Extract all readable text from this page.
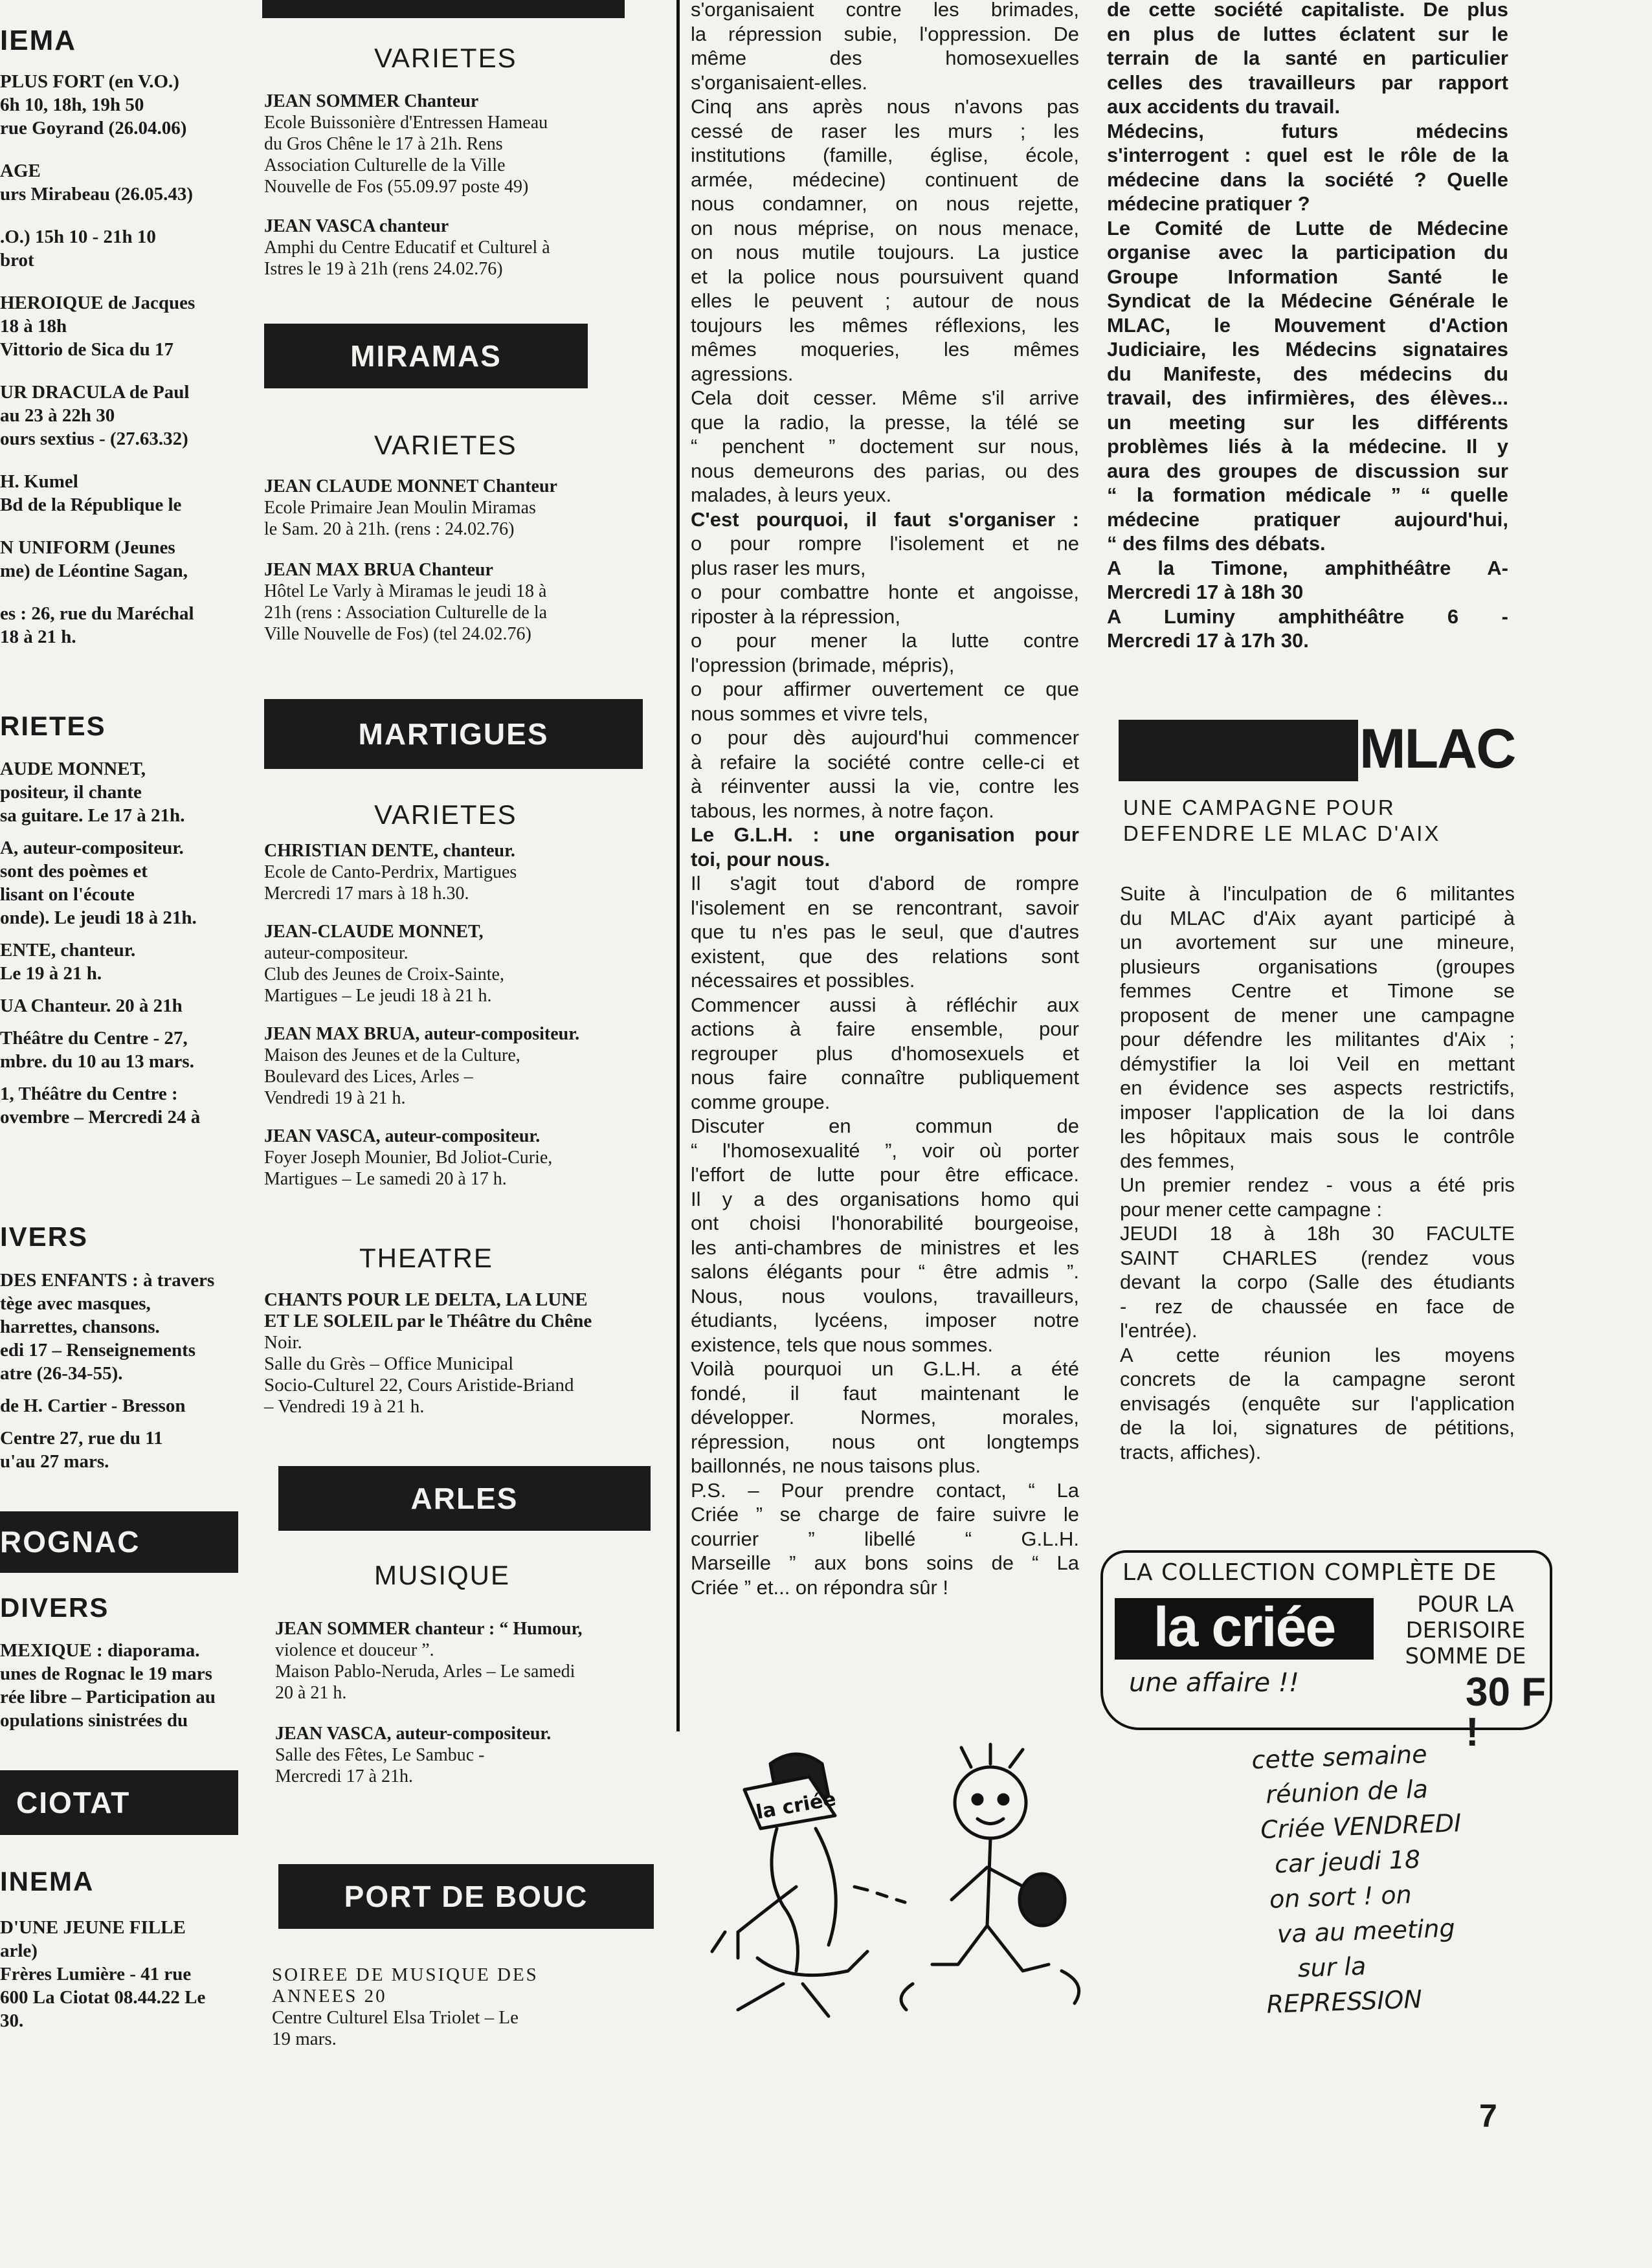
IEMA
PLUS FORT (en V.O.)
6h 10, 18h, 19h 50
rue Goyrand (26.04.06)
AGE
urs Mirabeau (26.05.43)
.O.) 15h 10 - 21h 10
brot
HEROIQUE de Jacques
18 à 18h
Vittorio de Sica du 17
UR DRACULA de Paul
au 23 à 22h 30
ours sextius - (27.63.32)
H. Kumel
Bd de la République le
N UNIFORM (Jeunes
me) de Léontine Sagan,
es : 26, rue du Maréchal
18 à 21 h.
RIETES
AUDE MONNET,
positeur, il chante
sa guitare. Le 17 à 21h.
A, auteur-compositeur.
sont des poèmes et
lisant on l'écoute
onde). Le jeudi 18 à 21h.
ENTE, chanteur.
Le 19 à 21 h.
UA Chanteur. 20 à 21h
Théâtre du Centre - 27,
mbre. du 10 au 13 mars.
1, Théâtre du Centre :
ovembre – Mercredi 24 à
IVERS
DES ENFANTS : à travers
tège avec masques,
harrettes, chansons.
edi 17 – Renseignements
atre (26-34-55).
de H. Cartier - Bresson
Centre 27, rue du 11
u'au 27 mars.
ROGNAC
DIVERS
MEXIQUE : diaporama.
unes de Rognac le 19 mars
rée libre – Participation au
opulations sinistrées du
CIOTAT
INEMA
D'UNE JEUNE FILLE
arle)
Frères Lumière - 41 rue
600 La Ciotat 08.44.22 Le
30.
VARIETES
JEAN SOMMER Chanteur
Ecole Buissonière d'Entressen Hameau
du Gros Chêne le 17 à 21h. Rens
Association Culturelle de la Ville
Nouvelle de Fos (55.09.97 poste 49)
JEAN VASCA chanteur
Amphi du Centre Educatif et Culturel à
Istres le 19 à 21h (rens 24.02.76)
MIRAMAS
VARIETES
JEAN CLAUDE MONNET Chanteur
Ecole Primaire Jean Moulin Miramas
le Sam. 20 à 21h. (rens : 24.02.76)
JEAN MAX BRUA Chanteur
Hôtel Le Varly à Miramas le jeudi 18 à
21h (rens : Association Culturelle de la
Ville Nouvelle de Fos) (tel 24.02.76)
MARTIGUES
VARIETES
CHRISTIAN DENTE, chanteur.
Ecole de Canto-Perdrix, Martigues
Mercredi 17 mars à 18 h.30.
JEAN-CLAUDE MONNET,
auteur-compositeur.
Club des Jeunes de Croix-Sainte,
Martigues – Le jeudi 18 à 21 h.
JEAN MAX BRUA, auteur-compositeur.
Maison des Jeunes et de la Culture,
Boulevard des Lices, Arles –
Vendredi 19 à 21 h.
JEAN VASCA, auteur-compositeur.
Foyer Joseph Mounier, Bd Joliot-Curie,
Martigues – Le samedi 20 à 17 h.
THEATRE
CHANTS POUR LE DELTA, LA LUNE
ET LE SOLEIL par le Théâtre du Chêne
Noir.
Salle du Grès – Office Municipal
Socio-Culturel 22, Cours Aristide-Briand
– Vendredi 19 à 21 h.
ARLES
MUSIQUE
JEAN SOMMER chanteur : “ Humour,
violence et douceur ”.
Maison Pablo-Neruda, Arles – Le samedi
20 à 21 h.
JEAN VASCA, auteur-compositeur.
Salle des Fêtes, Le Sambuc -
Mercredi 17 à 21h.
PORT DE BOUC
SOIREE DE MUSIQUE DES
ANNEES 20
Centre Culturel Elsa Triolet – Le
19 mars.
s'organisaient contre les brimades,
la répression subie, l'oppression. De
même des homosexuelles
s'organisaient-elles.
Cinq ans après nous n'avons pas
cessé de raser les murs ; les
institutions (famille, église, école,
armée, médecine) continuent de
nous condamner, on nous rejette,
on nous méprise, on nous menace,
on nous mutile toujours. La justice
et la police nous poursuivent quand
elles le peuvent ; autour de nous
toujours les mêmes réflexions, les
mêmes moqueries, les mêmes
agressions.
Cela doit cesser. Même s'il arrive
que la radio, la presse, la télé se
“ penchent ” doctement sur nous,
nous demeurons des parias, ou des
malades, à leurs yeux.
C'est pourquoi, il faut s'organiser :
o pour rompre l'isolement et ne
plus raser les murs,
o pour combattre honte et angoisse,
riposter à la répression,
o pour mener la lutte contre
l'opression (brimade, mépris),
o pour affirmer ouvertement ce que
nous sommes et vivre tels,
o pour dès aujourd'hui commencer
à refaire la société contre celle-ci et
à réinventer aussi la vie, contre les
tabous, les normes, à notre façon.
Le G.L.H. : une organisation pour
toi, pour nous.
Il s'agit tout d'abord de rompre
l'isolement en se rencontrant, savoir
que tu n'es pas le seul, que d'autres
existent, que des relations sont
nécessaires et possibles.
Commencer aussi à réfléchir aux
actions à faire ensemble, pour
regrouper plus d'homosexuels et
nous faire connaître publiquement
comme groupe.
Discuter en commun de
“ l'homosexualité ”, voir où porter
l'effort de lutte pour être efficace.
Il y a des organisations homo qui
ont choisi l'honorabilité bourgeoise,
les anti-chambres de ministres et les
salons élégants pour “ être admis ”.
Nous, nous voulons, travailleurs,
étudiants, lycéens, imposer notre
existence, tels que nous sommes.
Voilà pourquoi un G.L.H. a été
fondé, il faut maintenant le
développer. Normes, morales,
répression, nous ont longtemps
baillonnés, ne nous taisons plus.
P.S. – Pour prendre contact, “ La
Criée ” se charge de faire suivre le
courrier ” libellé “ G.L.H.
Marseille ” aux bons soins de “ La
Criée ” et... on répondra sûr !
de cette société capitaliste. De plus
en plus de luttes éclatent sur le
terrain de la santé en particulier
celles des travailleurs par rapport
aux accidents du travail.
Médecins, futurs médecins
s'interrogent : quel est le rôle de la
médecine dans la société ? Quelle
médecine pratiquer ?
Le Comité de Lutte de Médecine
organise avec la participation du
Groupe Information Santé le
Syndicat de la Médecine Générale le
MLAC, le Mouvement d'Action
Judiciaire, les Médecins signataires
du Manifeste, des médecins du
travail, des infirmières, des élèves...
un meeting sur les différents
problèmes liés à la médecine. Il y
aura des groupes de discussion sur
“ la formation médicale ” “ quelle
médecine pratiquer aujourd'hui,
“ des films des débats.
A la Timone, amphithéâtre A-
Mercredi 17 à 18h 30
A Luminy amphithéâtre 6 -
Mercredi 17 à 17h 30.
MLAC
UNE CAMPAGNE POUR
DEFENDRE LE MLAC D'AIX
Suite à l'inculpation de 6 militantes
du MLAC d'Aix ayant participé à
un avortement sur une mineure,
plusieurs organisations (groupes
femmes Centre et Timone se
proposent de mener une campagne
pour défendre les militantes d'Aix ;
démystifier la loi Veil en mettant
en évidence ses aspects restrictifs,
imposer l'application de la loi dans
les hôpitaux mais sous le contrôle
des femmes,
Un premier rendez - vous a été pris
pour mener cette campagne :
JEUDI 18 à 18h 30 FACULTE
SAINT CHARLES (rendez vous
devant la corpo (Salle des étudiants
- rez de chaussée en face de
l'entrée).
A cette réunion les moyens
concrets de la campagne seront
envisagés (enquête sur l'application
de la loi, signatures de pétitions,
tracts, affiches).
LA COLLECTION COMPLÈTE DE
la criée	POUR LA
DERISOIRE
SOMME DE
30 F !
une affaire !!
cette semaine
réunion de la
Criée VENDREDI
car jeudi 18
on sort ! on
va au meeting
sur la
REPRESSION
la criée
7
